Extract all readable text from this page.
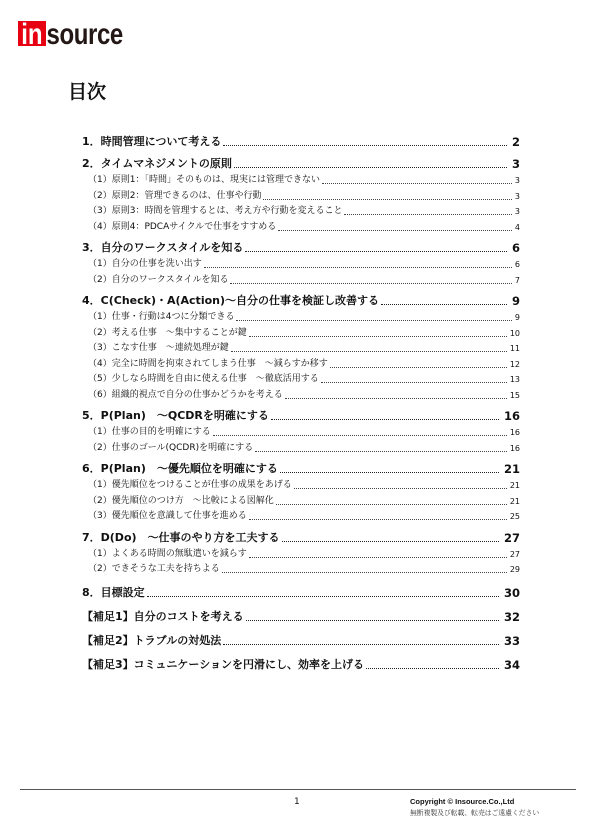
in source
目次
1．時間管理について考える	2
2．タイムマネジメントの原則	3
（1）原則1：「時間」そのものは、現実には管理できない	3
（2）原則2：管理できるのは、仕事や行動	3
（3）原則3：時間を管理するとは、考え方や行動を変えること	3
（4）原則4：PDCAサイクルで仕事をすすめる	4
3．自分のワークスタイルを知る	6
（1）自分の仕事を洗い出す	6
（2）自分のワークスタイルを知る	7
4．C(Check)・A(Action)～自分の仕事を検証し改善する	9
（1）仕事・行動は4つに分類できる	9
（2）考える仕事　～集中することが鍵	10
（3）こなす仕事　～連続処理が鍵	11
（4）完全に時間を拘束されてしまう仕事　～減らすか移す	12
（5）少しなら時間を自由に使える仕事　～徹底活用する	13
（6）組織的視点で自分の仕事かどうかを考える	15
5．P(Plan)　～QCDRを明確にする	16
（1）仕事の目的を明確にする	16
（2）仕事のゴール(QCDR)を明確にする	16
6．P(Plan)　～優先順位を明確にする	21
（1）優先順位をつけることが仕事の成果をあげる	21
（2）優先順位のつけ方　～比較による図解化	21
（3）優先順位を意識して仕事を進める	25
7．D(Do)　～仕事のやり方を工夫する	27
（1）よくある時間の無駄遣いを減らす	27
（2）できそうな工夫を持ちよる	29
8．目標設定	30
【補足1】自分のコストを考える	32
【補足2】トラブルの対処法	33
【補足3】コミュニケーションを円滑にし、効率を上げる	34
1	Copyright © Insource.Co.,Ltd
無断複製及び転載、転売はご遠慮ください
